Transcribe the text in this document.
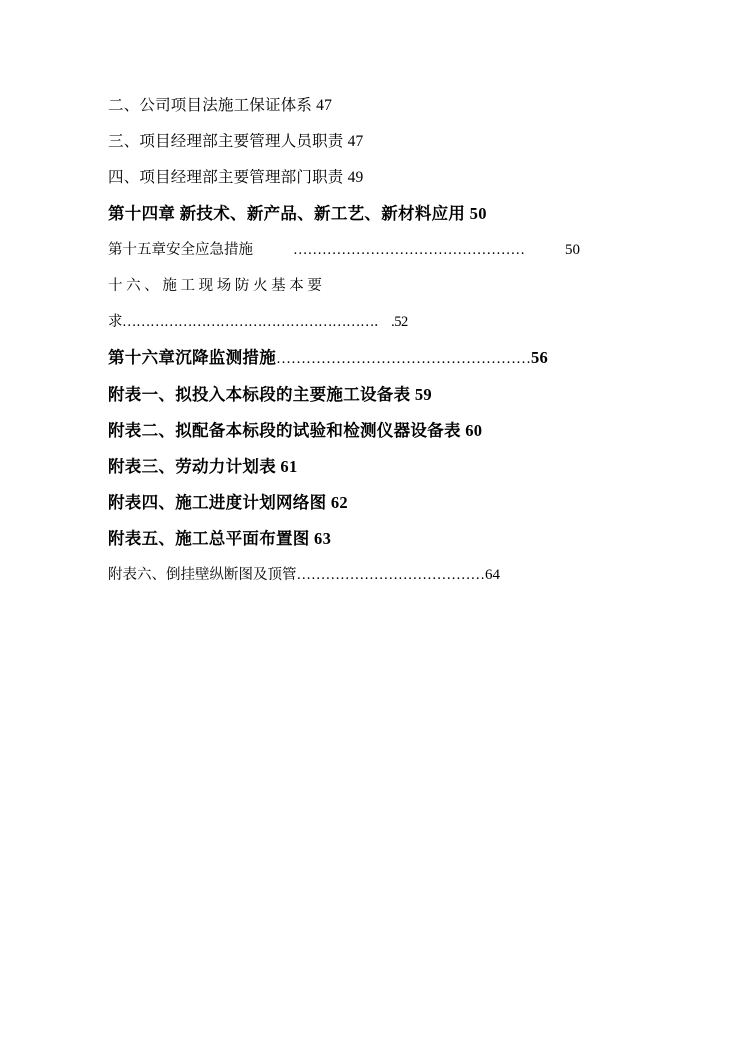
二、公司项目法施工保证体系 47
三、项目经理部主要管理人员职责 47
四、项目经理部主要管理部门职责 49
第十四章 新技术、新产品、新工艺、新材料应用 50
第十五章安全应急措施	…………………………………………	50
十 六 、 施 工 现 场 防 火 基 本 要
求………………………………………………． .52
第十六章沉降监测措施 …………………………………………… 56
附表一、拟投入本标段的主要施工设备表 59
附表二、拟配备本标段的试验和检测仪器设备表 60
附表三、劳动力计划表 61
附表四、施工进度计划网络图 62
附表五、施工总平面布置图 63
附表六、倒挂壁纵断图及顶管 ………………………………… 64
